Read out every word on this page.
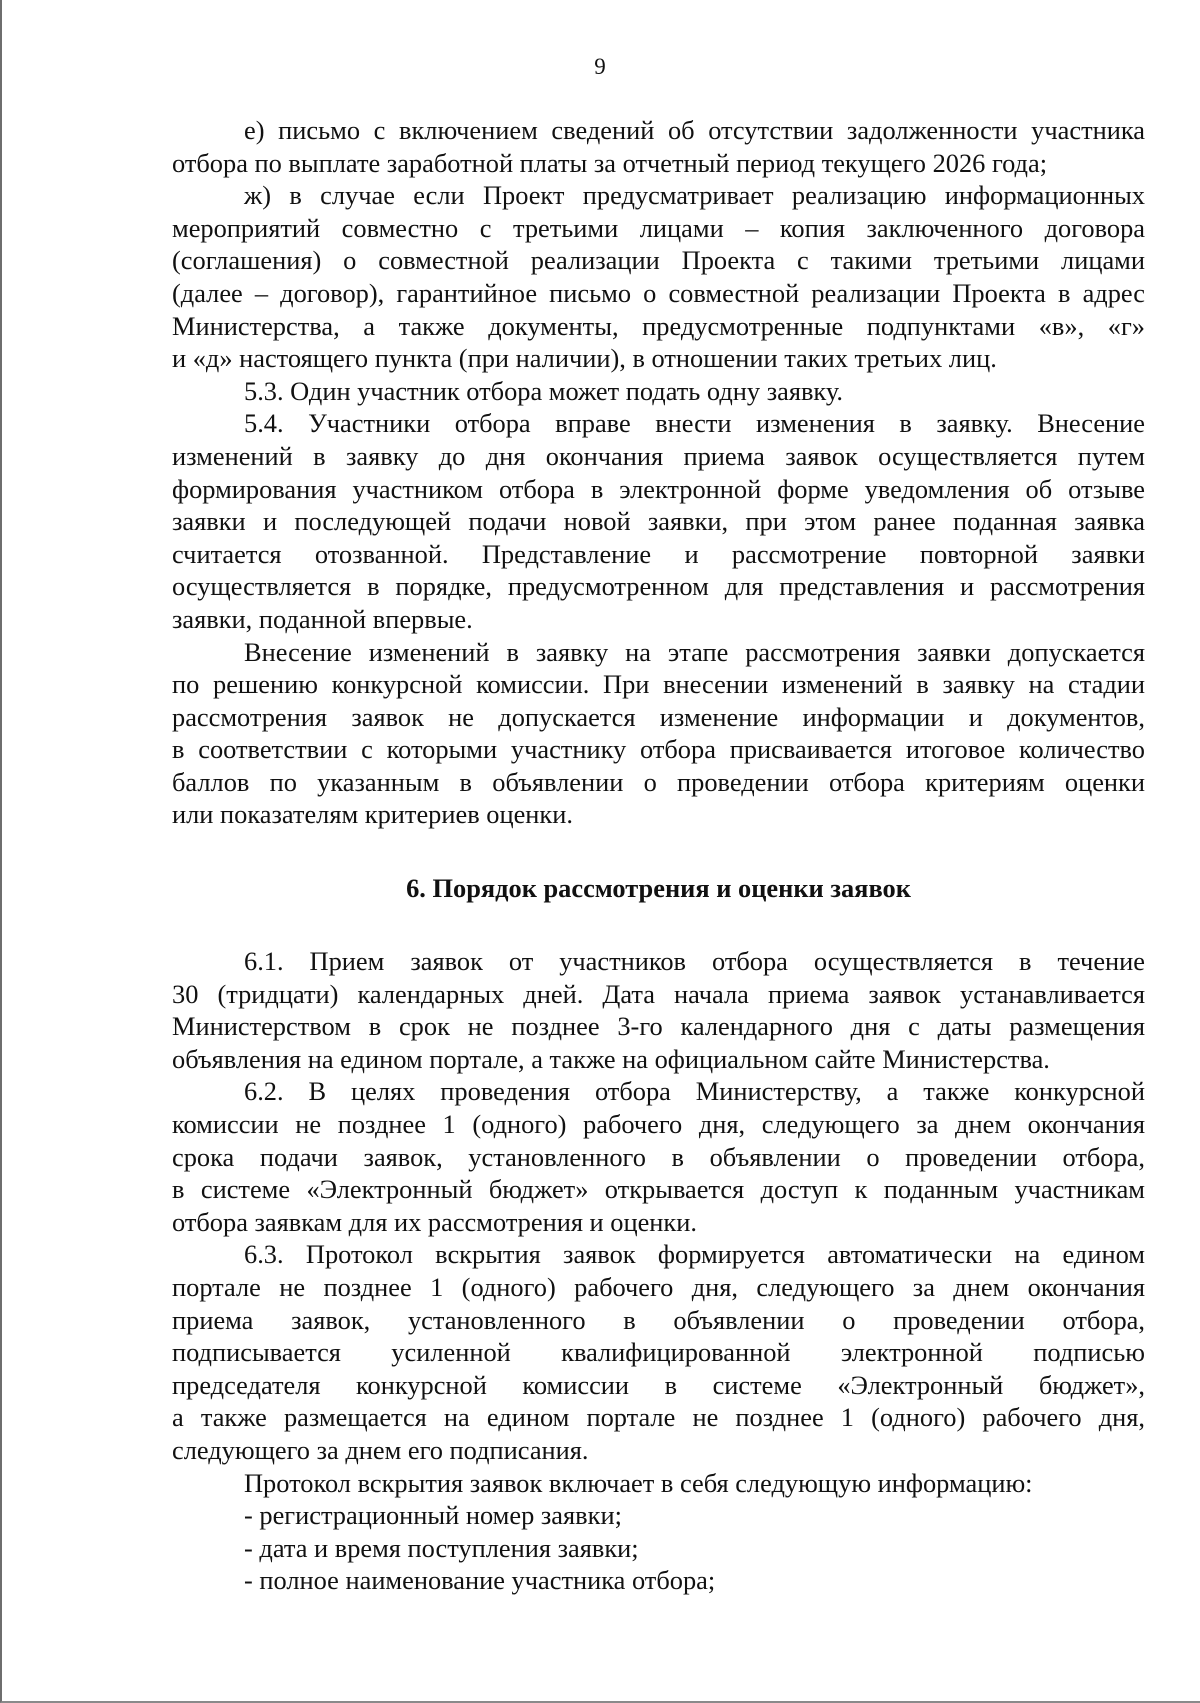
9
е) письмо с включением сведений об отсутствии задолженности участника
отбора по выплате заработной платы за отчетный период текущего 2026 года;
ж) в случае если Проект предусматривает реализацию информационных
мероприятий совместно с третьими лицами – копия заключенного договора
(соглашения) о совместной реализации Проекта с такими третьими лицами
(далее – договор), гарантийное письмо о совместной реализации Проекта в адрес
Министерства, а также документы, предусмотренные подпунктами «в», «г»
и «д» настоящего пункта (при наличии), в отношении таких третьих лиц.
5.3. Один участник отбора может подать одну заявку.
5.4. Участники отбора вправе внести изменения в заявку. Внесение
изменений в заявку до дня окончания приема заявок осуществляется путем
формирования участником отбора в электронной форме уведомления об отзыве
заявки и последующей подачи новой заявки, при этом ранее поданная заявка
считается отозванной. Представление и рассмотрение повторной заявки
осуществляется в порядке, предусмотренном для представления и рассмотрения
заявки, поданной впервые.
Внесение изменений в заявку на этапе рассмотрения заявки допускается
по решению конкурсной комиссии. При внесении изменений в заявку на стадии
рассмотрения заявок не допускается изменение информации и документов,
в соответствии с которыми участнику отбора присваивается итоговое количество
баллов по указанным в объявлении о проведении отбора критериям оценки
или показателям критериев оценки.
6. Порядок рассмотрения и оценки заявок
6.1. Прием заявок от участников отбора осуществляется в течение
30 (тридцати) календарных дней. Дата начала приема заявок устанавливается
Министерством в срок не позднее 3-го календарного дня с даты размещения
объявления на едином портале, а также на официальном сайте Министерства.
6.2. В целях проведения отбора Министерству, а также конкурсной
комиссии не позднее 1 (одного) рабочего дня, следующего за днем окончания
срока подачи заявок, установленного в объявлении о проведении отбора,
в системе «Электронный бюджет» открывается доступ к поданным участникам
отбора заявкам для их рассмотрения и оценки.
6.3. Протокол вскрытия заявок формируется автоматически на едином
портале не позднее 1 (одного) рабочего дня, следующего за днем окончания
приема заявок, установленного в объявлении о проведении отбора,
подписывается усиленной квалифицированной электронной подписью
председателя конкурсной комиссии в системе «Электронный бюджет»,
а также размещается на едином портале не позднее 1 (одного) рабочего дня,
следующего за днем его подписания.
Протокол вскрытия заявок включает в себя следующую информацию:
- регистрационный номер заявки;
- дата и время поступления заявки;
- полное наименование участника отбора;
